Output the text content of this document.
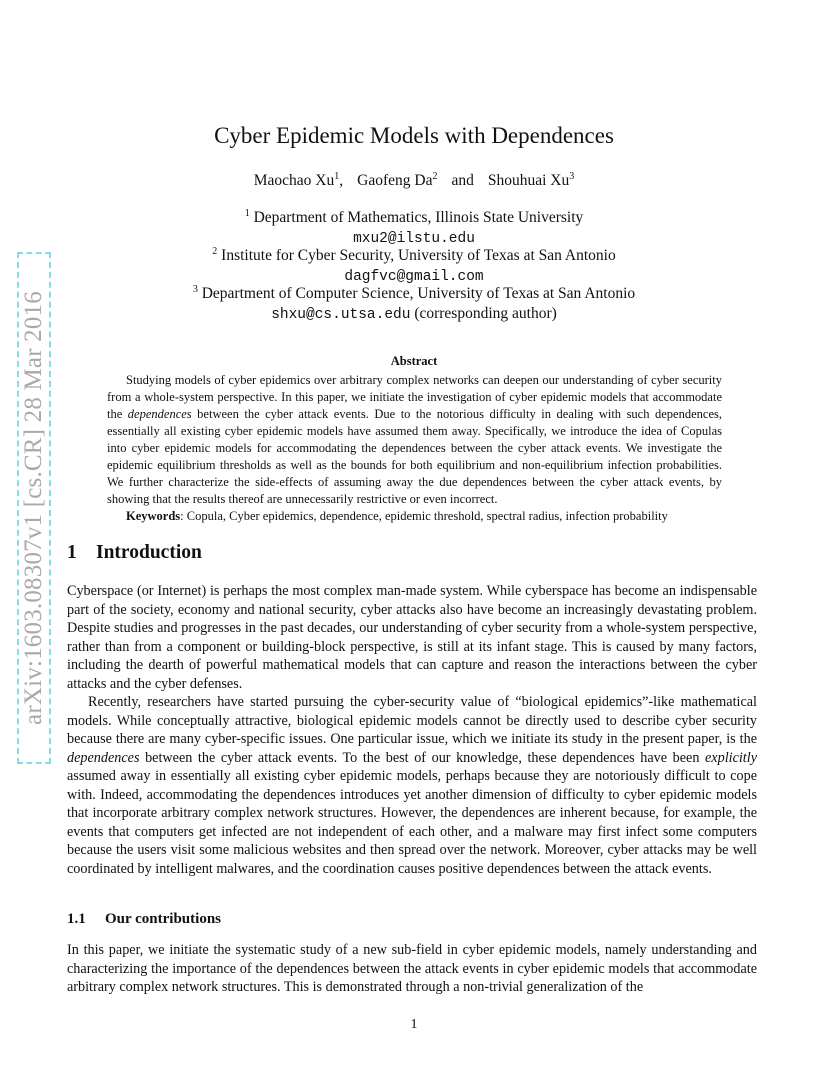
arXiv:1603.08307v1 [cs.CR] 28 Mar 2016
Cyber Epidemic Models with Dependences
Maochao Xu$^1$, Gaofeng Da$^2$ and Shouhuai Xu$^3$
$^1$ Department of Mathematics, Illinois State University
mxu2@ilstu.edu
$^2$ Institute for Cyber Security, University of Texas at San Antonio
dagfvc@gmail.com
$^3$ Department of Computer Science, University of Texas at San Antonio
shxu@cs.utsa.edu (corresponding author)
Abstract

Studying models of cyber epidemics over arbitrary complex networks can deepen our understanding of cyber security from a whole-system perspective. In this paper, we initiate the investigation of cyber epidemic models that accommodate the dependences between the cyber attack events. Due to the notorious difficulty in dealing with such dependences, essentially all existing cyber epidemic models have assumed them away. Specifically, we introduce the idea of Copulas into cyber epidemic models for accommodating the dependences between the cyber attack events. We investigate the epidemic equilibrium thresholds as well as the bounds for both equilibrium and non-equilibrium infection probabilities. We further characterize the side-effects of assuming away the due dependences between the cyber attack events, by showing that the results thereof are unnecessarily restrictive or even incorrect.

Keywords: Copula, Cyber epidemics, dependence, epidemic threshold, spectral radius, infection probability

1 Introduction

Cyberspace (or Internet) is perhaps the most complex man-made system. While cyberspace has become an indispensable part of the society, economy and national security, cyber attacks also have become an increasingly devastating problem. Despite studies and progresses in the past decades, our understanding of cyber security from a whole-system perspective, rather than from a component or building-block perspective, is still at its infant stage. This is caused by many factors, including the dearth of powerful mathematical models that can capture and reason the interactions between the cyber attacks and the cyber defenses.

Recently, researchers have started pursuing the cyber-security value of “biological epidemics”-like mathematical models. While conceptually attractive, biological epidemic models cannot be directly used to describe cyber security because there are many cyber-specific issues. One particular issue, which we initiate its study in the present paper, is the dependences between the cyber attack events. To the best of our knowledge, these dependences have been explicitly assumed away in essentially all existing cyber epidemic models, perhaps because they are notoriously difficult to cope with. Indeed, accommodating the dependences introduces yet another dimension of difficulty to cyber epidemic models that incorporate arbitrary complex network structures. However, the dependences are inherent because, for example, the events that computers get infected are not independent of each other, and a malware may first infect some computers because the users visit some malicious websites and then spread over the network. Moreover, cyber attacks may be well coordinated by intelligent malwares, and the coordination causes positive dependences between the attack events.

1.1 Our contributions

In this paper, we initiate the systematic study of a new sub-field in cyber epidemic models, namely understanding and characterizing the importance of the dependences between the attack events in cyber epidemic models that accommodate arbitrary complex network structures. This is demonstrated through a non-trivial generalization of the

1
